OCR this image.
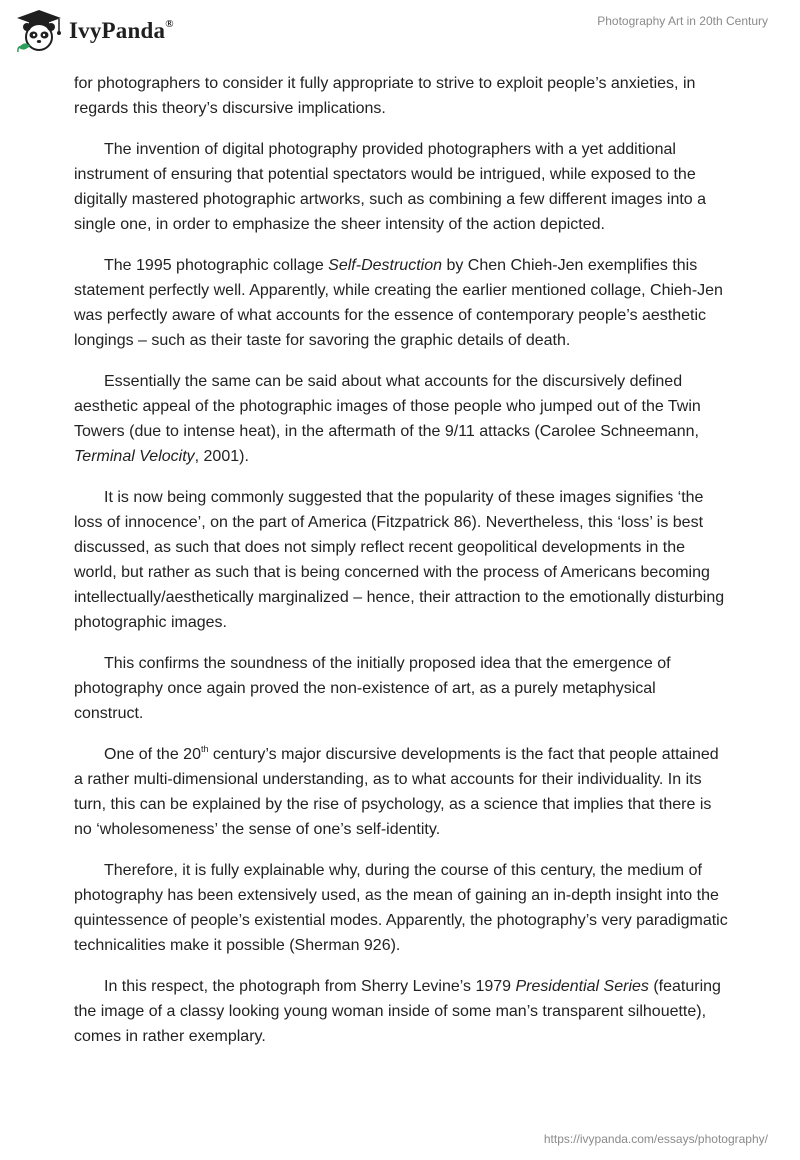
IvyPanda®	Photography Art in 20th Century

for photographers to consider it fully appropriate to strive to exploit people’s anxieties, in regards this theory’s discursive implications.

The invention of digital photography provided photographers with a yet additional instrument of ensuring that potential spectators would be intrigued, while exposed to the digitally mastered photographic artworks, such as combining a few different images into a single one, in order to emphasize the sheer intensity of the action depicted.

The 1995 photographic collage Self-Destruction by Chen Chieh-Jen exemplifies this statement perfectly well. Apparently, while creating the earlier mentioned collage, Chieh-Jen was perfectly aware of what accounts for the essence of contemporary people’s aesthetic longings – such as their taste for savoring the graphic details of death.

Essentially the same can be said about what accounts for the discursively defined aesthetic appeal of the photographic images of those people who jumped out of the Twin Towers (due to intense heat), in the aftermath of the 9/11 attacks (Carolee Schneemann, Terminal Velocity, 2001).

It is now being commonly suggested that the popularity of these images signifies ‘the loss of innocence’, on the part of America (Fitzpatrick 86). Nevertheless, this ‘loss’ is best discussed, as such that does not simply reflect recent geopolitical developments in the world, but rather as such that is being concerned with the process of Americans becoming intellectually/aesthetically marginalized – hence, their attraction to the emotionally disturbing photographic images.

This confirms the soundness of the initially proposed idea that the emergence of photography once again proved the non-existence of art, as a purely metaphysical construct.

One of the 20th century’s major discursive developments is the fact that people attained a rather multi-dimensional understanding, as to what accounts for their individuality. In its turn, this can be explained by the rise of psychology, as a science that implies that there is no ‘wholesomeness’ the sense of one’s self-identity.

Therefore, it is fully explainable why, during the course of this century, the medium of photography has been extensively used, as the mean of gaining an in-depth insight into the quintessence of people’s existential modes. Apparently, the photography’s very paradigmatic technicalities make it possible (Sherman 926).

In this respect, the photograph from Sherry Levine’s 1979 Presidential Series (featuring the image of a classy looking young woman inside of some man’s transparent silhouette), comes in rather exemplary.

https://ivypanda.com/essays/photography/
